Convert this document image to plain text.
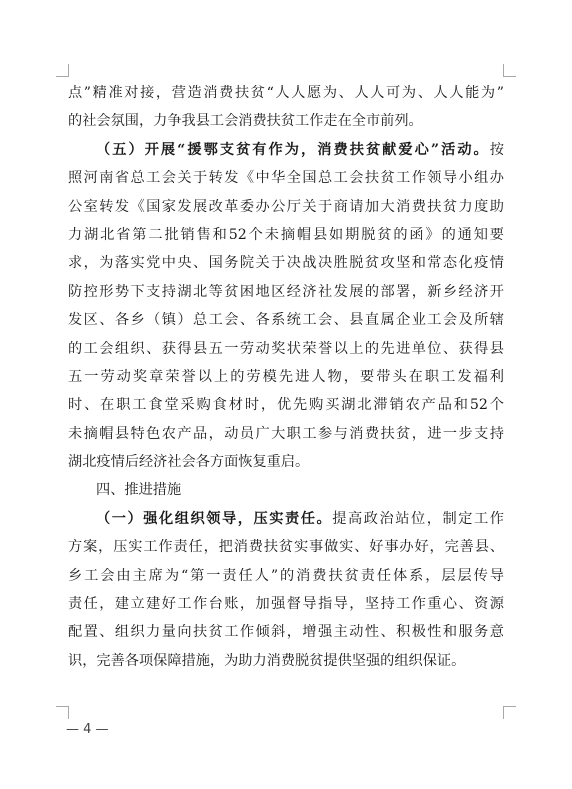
点”精准对接，营造消费扶贫“人人愿为、人人可为、人人能为”
的社会氛围，力争我县工会消费扶贫工作走在全市前列。
（五）开展“援鄂支贫有作为，消费扶贫献爱心”活动。按
照河南省总工会关于转发《中华全国总工会扶贫工作领导小组办
公室转发《国家发展改革委办公厅关于商请加大消费扶贫力度助
力湖北省第二批销售和52个未摘帽县如期脱贫的函》的通知要
求，为落实党中央、国务院关于决战决胜脱贫攻坚和常态化疫情
防控形势下支持湖北等贫困地区经济社发展的部署，新乡经济开
发区、各乡（镇）总工会、各系统工会、县直属企业工会及所辖
的工会组织、获得县五一劳动奖状荣誉以上的先进单位、获得县
五一劳动奖章荣誉以上的劳模先进人物，要带头在职工发福利
时、在职工食堂采购食材时，优先购买湖北滞销农产品和52个
未摘帽县特色农产品，动员广大职工参与消费扶贫，进一步支持
湖北疫情后经济社会各方面恢复重启。
四、推进措施
（一）强化组织领导，压实责任。提高政治站位，制定工作
方案，压实工作责任，把消费扶贫实事做实、好事办好，完善县、
乡工会由主席为“第一责任人”的消费扶贫责任体系，层层传导
责任，建立建好工作台账，加强督导指导，坚持工作重心、资源
配置、组织力量向扶贫工作倾斜，增强主动性、积极性和服务意
识，完善各项保障措施，为助力消费脱贫提供坚强的组织保证。
— 4 —
